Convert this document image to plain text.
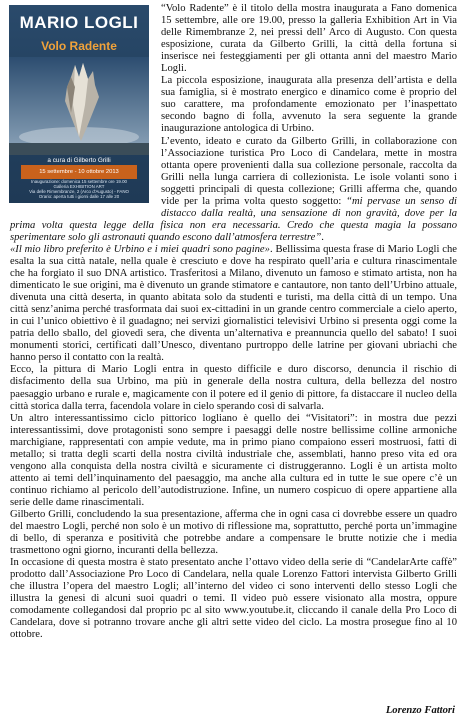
MARIO LOGLI
Volo Radente
a cura di Gilberto Grilli
15 settembre - 10 ottobre 2013
Inaugurazione: domenica 15 settembre ore 19.00
Galleria EXHIBITION ART
Via delle Rimembranze, 2 (Arco d'Augusto) - FANO
Orario: aperta tutti i giorni dalle 17 alle 20

“Volo Radente” è il titolo della mostra inaugurata a Fano domenica 15 settembre, alle ore 19.00, presso la galleria Exhibition Art in Via delle Rimembranze 2, nei pressi dell’ Arco di Augusto. Con questa esposizione, curata da Gilberto Grilli, la città della fortuna si inserisce nei festeggiamenti per gli ottanta anni del maestro Mario Logli.

La piccola esposizione, inaugurata alla presenza dell’artista e della sua famiglia, si è mostrato energico e dinamico come è proprio del suo carattere, ma profondamente emozionato per l’inaspettato secondo bagno di folla, avvenuto la sera seguente la grande inaugurazione antologica di Urbino.

L’evento, ideato e curato da Gilberto Grilli, in collaborazione con l’Associazione turistica Pro Loco di Candelara, mette in mostra ottanta opere provenienti dalla sua collezione personale, raccolta da Grilli nella lunga carriera di collezionista. Le isole volanti sono i soggetti principali di questa collezione; Grilli afferma che, quando vide per la prima volta questo soggetto: “mi pervase un senso di distacco dalla realtà, una sensazione di non gravità, dove per la prima volta questa legge della fisica non era necessaria. Credo che questa magia la possano sperimentare solo gli astronauti quando escono dall’atmosfera terrestre”.

«Il mio libro preferito è Urbino e i miei quadri sono pagine». Bellissima questa frase di Mario Logli che esalta la sua città natale, nella quale è cresciuto e dove ha respirato quell’aria e cultura rinascimentale che ha forgiato il suo DNA artistico. Trasferitosi a Milano, divenuto un famoso e stimato artista, non ha dimenticato le sue origini, ma è divenuto un grande stimatore e cantautore, non tanto dell’Urbino attuale, divenuta una città deserta, in quanto abitata solo da studenti e turisti, ma della città di un tempo. Una città senz’anima perché trasformata dai suoi ex-cittadini in un grande centro commerciale a cielo aperto, in cui l’unico obiettivo è il guadagno; nei servizi giornalistici televisivi Urbino si presenta oggi come la patria dello sballo, del giovedì sera, che diventa un’alternativa e preannuncia quello del sabato! I suoi monumenti storici, certificati dall’Unesco, diventano purtroppo delle latrine per giovani ubriachi che hanno perso il contatto con la realtà.

Ecco, la pittura di Mario Logli entra in questo difficile e duro discorso, denuncia il rischio di disfacimento della sua Urbino, ma più in generale della nostra cultura, della bellezza del nostro paesaggio urbano e rurale e, magicamente con il potere ed il genio di pittore, fa distaccare il nucleo della città storica dalla terra, facendola volare in cielo sperando così di salvarla.

Un altro interessantissimo ciclo pittorico logliano è quello dei “Visitatori”: in mostra due pezzi interessantissimi, dove protagonisti sono sempre i paesaggi delle nostre bellissime colline armoniche marchigiane, rappresentati con ampie vedute, ma in primo piano compaiono esseri mostruosi, fatti di metallo; si tratta degli scarti della nostra civiltà industriale che, assemblati, hanno preso vita ed ora vengono alla conquista della nostra civiltà e sicuramente ci distruggeranno. Logli è un artista molto attento ai temi dell’inquinamento del paesaggio, ma anche alla cultura ed in tutte le sue opere c’è un continuo richiamo al pericolo dell’autodistruzione. Infine, un numero cospicuo di opere appartiene alla serie delle dame rinascimentali.

Gilberto Grilli, concludendo la sua presentazione, afferma che in ogni casa ci dovrebbe essere un quadro del maestro Logli, perché non solo è un motivo di riflessione ma, soprattutto, perché porta un’immagine di bello, di speranza e positività che potrebbe andare a compensare le brutte notizie che i media trasmettono ogni giorno, incuranti della bellezza.

In occasione di questa mostra è stato presentato anche l’ottavo video della serie di “CandelarArte caffè” prodotto dall’Associazione Pro Loco di Candelara, nella quale Lorenzo Fattori intervista Gilberto Grilli che illustra l’opera del maestro Logli; all’interno del video ci sono interventi dello stesso Logli che illustra la genesi di alcuni suoi quadri o temi. Il video può essere visionato alla mostra, oppure comodamente collegandosi dal proprio pc al sito www.youtube.it, cliccando il canale della Pro Loco di Candelara, dove si potranno trovare anche gli altri sette video del ciclo. La mostra prosegue fino al 10 ottobre.

Lorenzo Fattori
